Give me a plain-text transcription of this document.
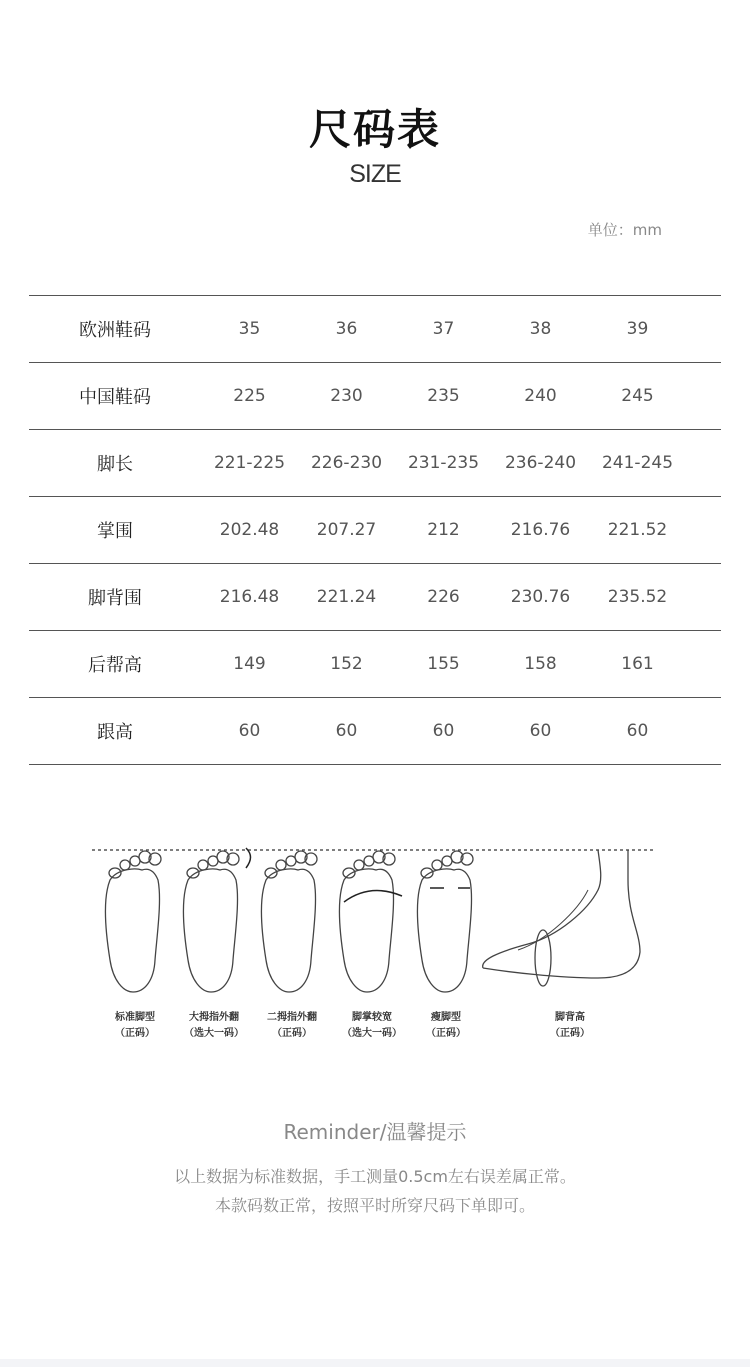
尺码表
SIZE
单位：mm
欧洲鞋码	35	36	37	38	39
中国鞋码	225	230	235	240	245
脚长	221-225	226-230	231-235	236-240	241-245
掌围	202.48	207.27	212	216.76	221.52
脚背围	216.48	221.24	226	230.76	235.52
后帮高	149	152	155	158	161
跟高	60	60	60	60	60
标准脚型
（正码）
大拇指外翻
（选大一码）
二拇指外翻
（正码）
脚掌较宽
（选大一码）
瘦脚型
（正码）
脚背高
（正码）
Reminder/温馨提示
以上数据为标准数据，手工测量0.5cm左右误差属正常。
本款码数正常，按照平时所穿尺码下单即可。
